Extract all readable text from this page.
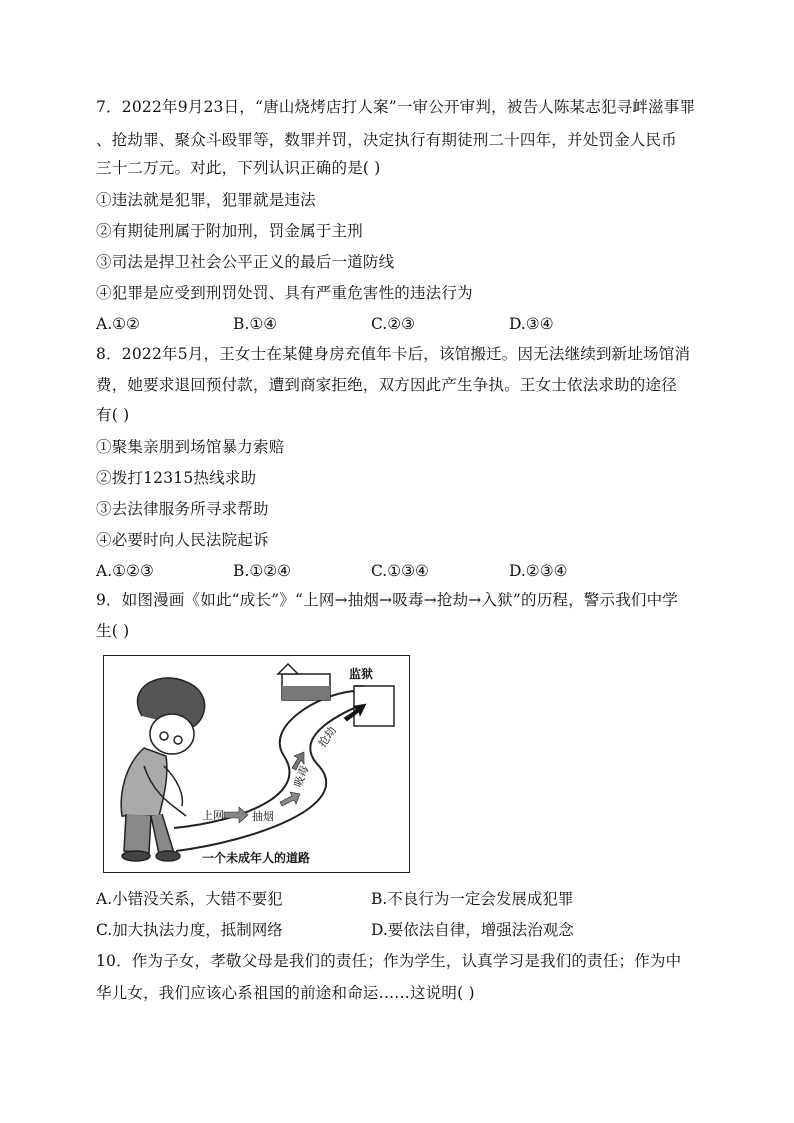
7．2022年9月23日，“唐山烧烤店打人案”一审公开审判，被告人陈某志犯寻衅滋事罪
、抢劫罪、聚众斗殴罪等，数罪并罚，决定执行有期徒刑二十四年，并处罚金人民币
三十二万元。对此，下列认识正确的是( )
①违法就是犯罪，犯罪就是违法
②有期徒刑属于附加刑，罚金属于主刑
③司法是捍卫社会公平正义的最后一道防线
④犯罪是应受到刑罚处罚、具有严重危害性的违法行为
A.①②	B.①④	C.②③	D.③④
8．2022年5月，王女士在某健身房充值年卡后，该馆搬迁。因无法继续到新址场馆消
费，她要求退回预付款，遭到商家拒绝，双方因此产生争执。王女士依法求助的途径
有( )
①聚集亲朋到场馆暴力索赔
②拨打12315热线求助
③去法律服务所寻求帮助
④必要时向人民法院起诉
A.①②③	B.①②④	C.①③④	D.②③④
9．如图漫画《如此“成长”》“上网→抽烟→吸毒→抢劫→入狱”的历程，警示我们中学
生( )
监狱
上网	抽烟
吸毒
抢劫
一个未成年人的道路
A.小错没关系，大错不要犯	B.不良行为一定会发展成犯罪
C.加大执法力度，抵制网络	D.要依法自律，增强法治观念
10．作为子女，孝敬父母是我们的责任；作为学生，认真学习是我们的责任；作为中
华儿女，我们应该心系祖国的前途和命运……这说明( )
